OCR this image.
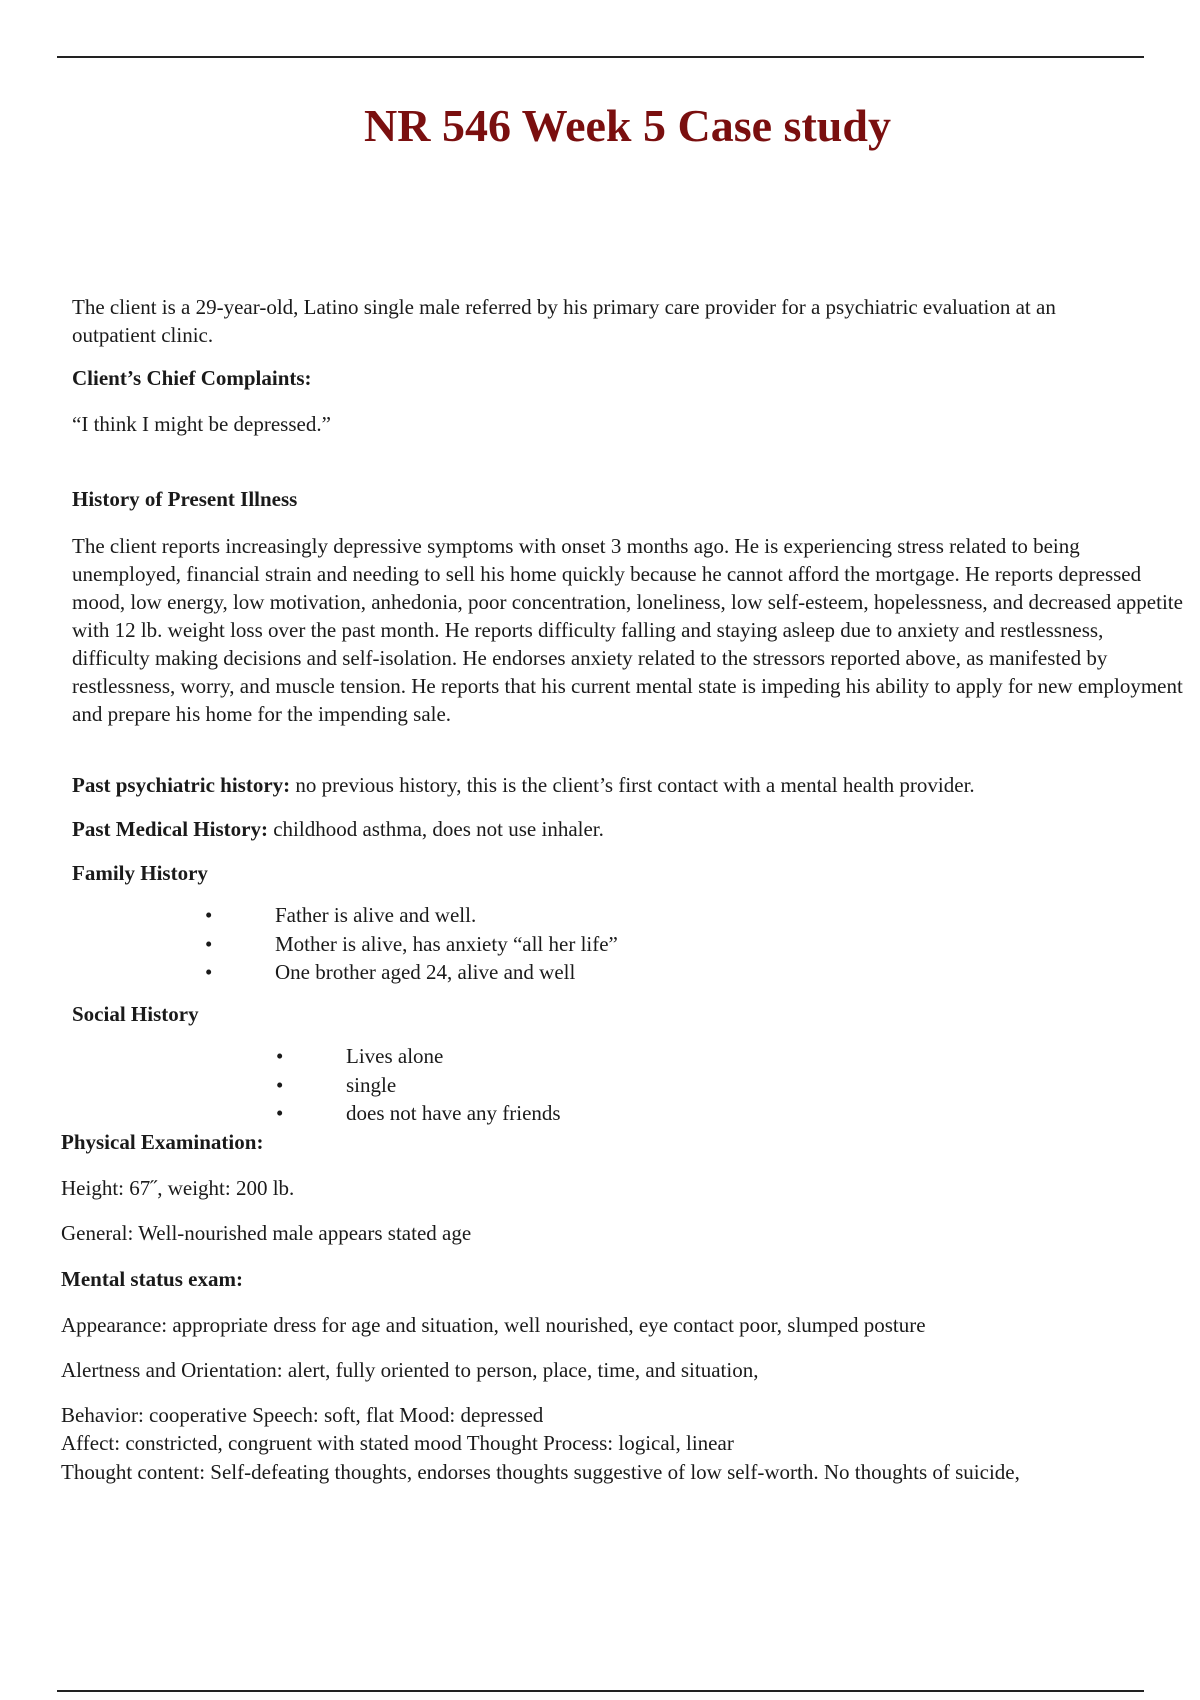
NR 546 Week 5 Case study

The client is a 29-year-old, Latino single male referred by his primary care provider for a psychiatric evaluation at an outpatient clinic.

Client’s Chief Complaints:

“I think I might be depressed.”

History of Present Illness

The client reports increasingly depressive symptoms with onset 3 months ago. He is experiencing stress related to being unemployed, financial strain and needing to sell his home quickly because he cannot afford the mortgage. He reports depressed mood, low energy, low motivation, anhedonia, poor concentration, loneliness, low self-esteem, hopelessness, and decreased appetite with 12 lb. weight loss over the past month. He reports difficulty falling and staying asleep due to anxiety and restlessness, difficulty making decisions and self-isolation. He endorses anxiety related to the stressors reported above, as manifested by restlessness, worry, and muscle tension. He reports that his current mental state is impeding his ability to apply for new employment and prepare his home for the impending sale.

Past psychiatric history: no previous history, this is the client’s first contact with a mental health provider.

Past Medical History: childhood asthma, does not use inhaler.

Family History

•	Father is alive and well.
•	Mother is alive, has anxiety “all her life”
•	One brother aged 24, alive and well

Social History

•	Lives alone
•	single
•	does not have any friends

Physical Examination:

Height: 67˝, weight: 200 lb.

General: Well-nourished male appears stated age

Mental status exam:

Appearance: appropriate dress for age and situation, well nourished, eye contact poor, slumped posture

Alertness and Orientation: alert, fully oriented to person, place, time, and situation,

Behavior: cooperative Speech: soft, flat Mood: depressed

Affect: constricted, congruent with stated mood Thought Process: logical, linear

Thought content: Self-defeating thoughts, endorses thoughts suggestive of low self-worth. No thoughts of suicide,
